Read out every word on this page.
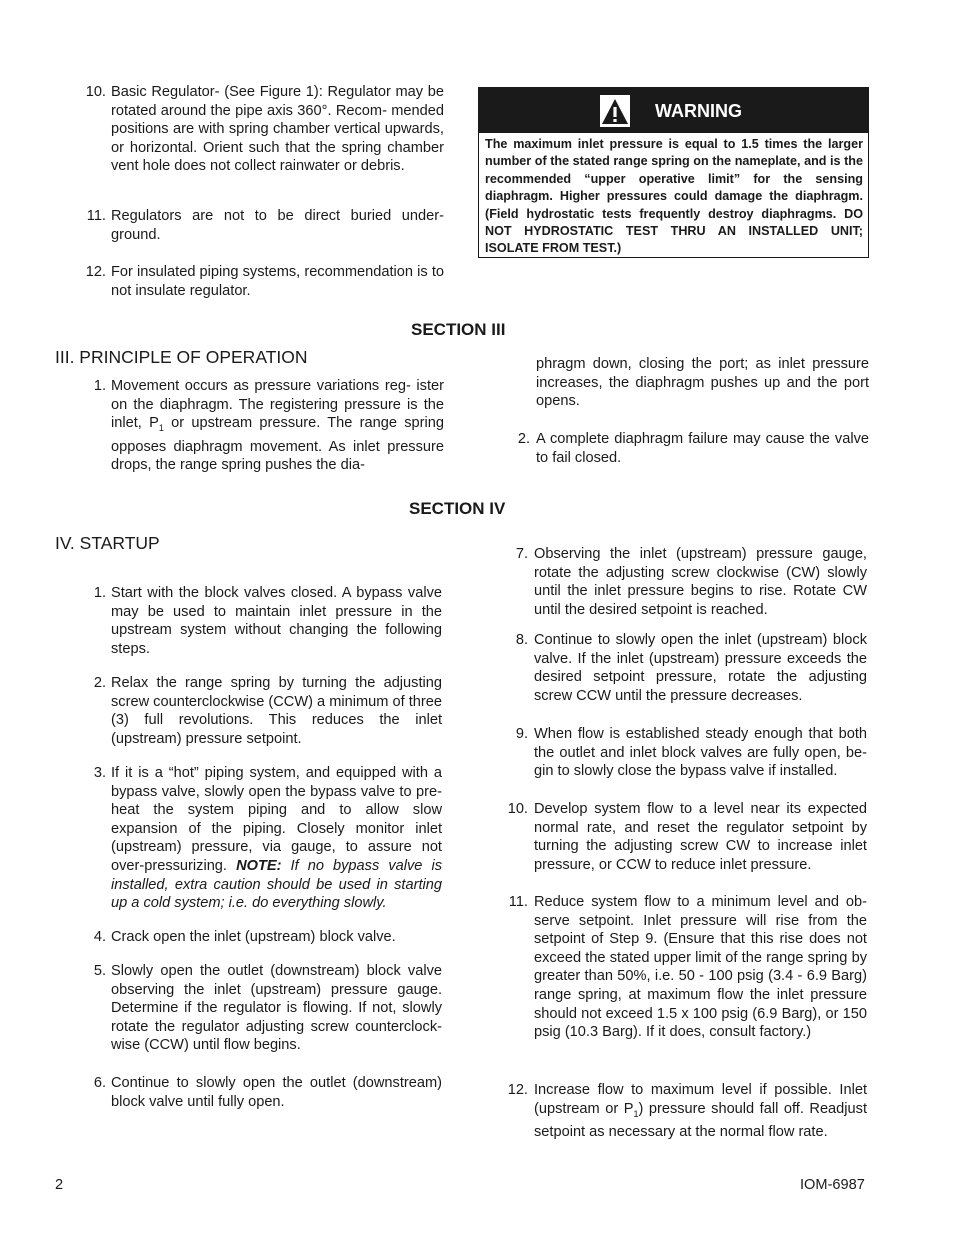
10. Basic Regulator- (See Figure 1): Regulator may be rotated around the pipe axis 360°. Recom- mended positions are with spring chamber vertical upwards, or horizontal. Orient such that the spring chamber vent hole does not collect rainwater or debris.
11. Regulators are not to be direct buried under- ground.
12. For insulated piping systems, recommendation is to not insulate regulator.
WARNING
The maximum inlet pressure is equal to 1.5 times the larger number of the stated range spring on the nameplate, and is the recommended “upper operative limit” for the sensing diaphragm. Higher pressures could damage the diaphragm. (Field hydrostatic tests frequently destroy diaphragms. DO NOT HYDROSTATIC TEST THRU AN INSTALLED UNIT; ISOLATE FROM TEST.)
SECTION III
III. PRINCIPLE OF OPERATION
1. Movement occurs as pressure variations reg- ister on the diaphragm. The registering pressure is the inlet, $P_1$ or upstream pressure. The range spring opposes diaphragm movement. As inlet pressure drops, the range spring pushes the dia-
phragm down, closing the port; as inlet pressure increases, the diaphragm pushes up and the port opens.
2. A complete diaphragm failure may cause the valve to fail closed.
SECTION IV
IV. STARTUP
1. Start with the block valves closed. A bypass valve may be used to maintain inlet pressure in the upstream system without changing the following steps.
2. Relax the range spring by turning the adjusting screw counterclockwise (CCW) a minimum of three (3) full revolutions. This reduces the inlet (upstream) pressure setpoint.
3. If it is a “hot” piping system, and equipped with a bypass valve, slowly open the bypass valve to pre-heat the system piping and to allow slow expansion of the piping. Closely monitor inlet (upstream) pressure, via gauge, to assure not over-pressurizing. NOTE: If no bypass valve is installed, extra caution should be used in starting up a cold system; i.e. do everything slowly.
4. Crack open the inlet (upstream) block valve.
5. Slowly open the outlet (downstream) block valve observing the inlet (upstream) pressure gauge. Determine if the regulator is flowing. If not, slowly rotate the regulator adjusting screw counterclock- wise (CCW) until flow begins.
6. Continue to slowly open the outlet (downstream) block valve until fully open.
7. Observing the inlet (upstream) pressure gauge, rotate the adjusting screw clockwise (CW) slowly until the inlet pressure begins to rise. Rotate CW until the desired setpoint is reached.
8. Continue to slowly open the inlet (upstream) block valve. If the inlet (upstream) pressure exceeds the desired setpoint pressure, rotate the adjusting screw CCW until the pressure decreases.
9. When flow is established steady enough that both the outlet and inlet block valves are fully open, be- gin to slowly close the bypass valve if installed.
10. Develop system flow to a level near its expected normal rate, and reset the regulator setpoint by turning the adjusting screw CW to increase inlet pressure, or CCW to reduce inlet pressure.
11. Reduce system flow to a minimum level and ob- serve setpoint. Inlet pressure will rise from the setpoint of Step 9. (Ensure that this rise does not exceed the stated upper limit of the range spring by greater than 50%, i.e. 50 - 100 psig (3.4 - 6.9 Barg) range spring, at maximum flow the inlet pressure should not exceed 1.5 x 100 psig (6.9 Barg), or 150 psig (10.3 Barg). If it does, consult factory.)
12. Increase flow to maximum level if possible. Inlet (upstream or $P_1$) pressure should fall off. Readjust setpoint as necessary at the normal flow rate.
2	IOM-6987
